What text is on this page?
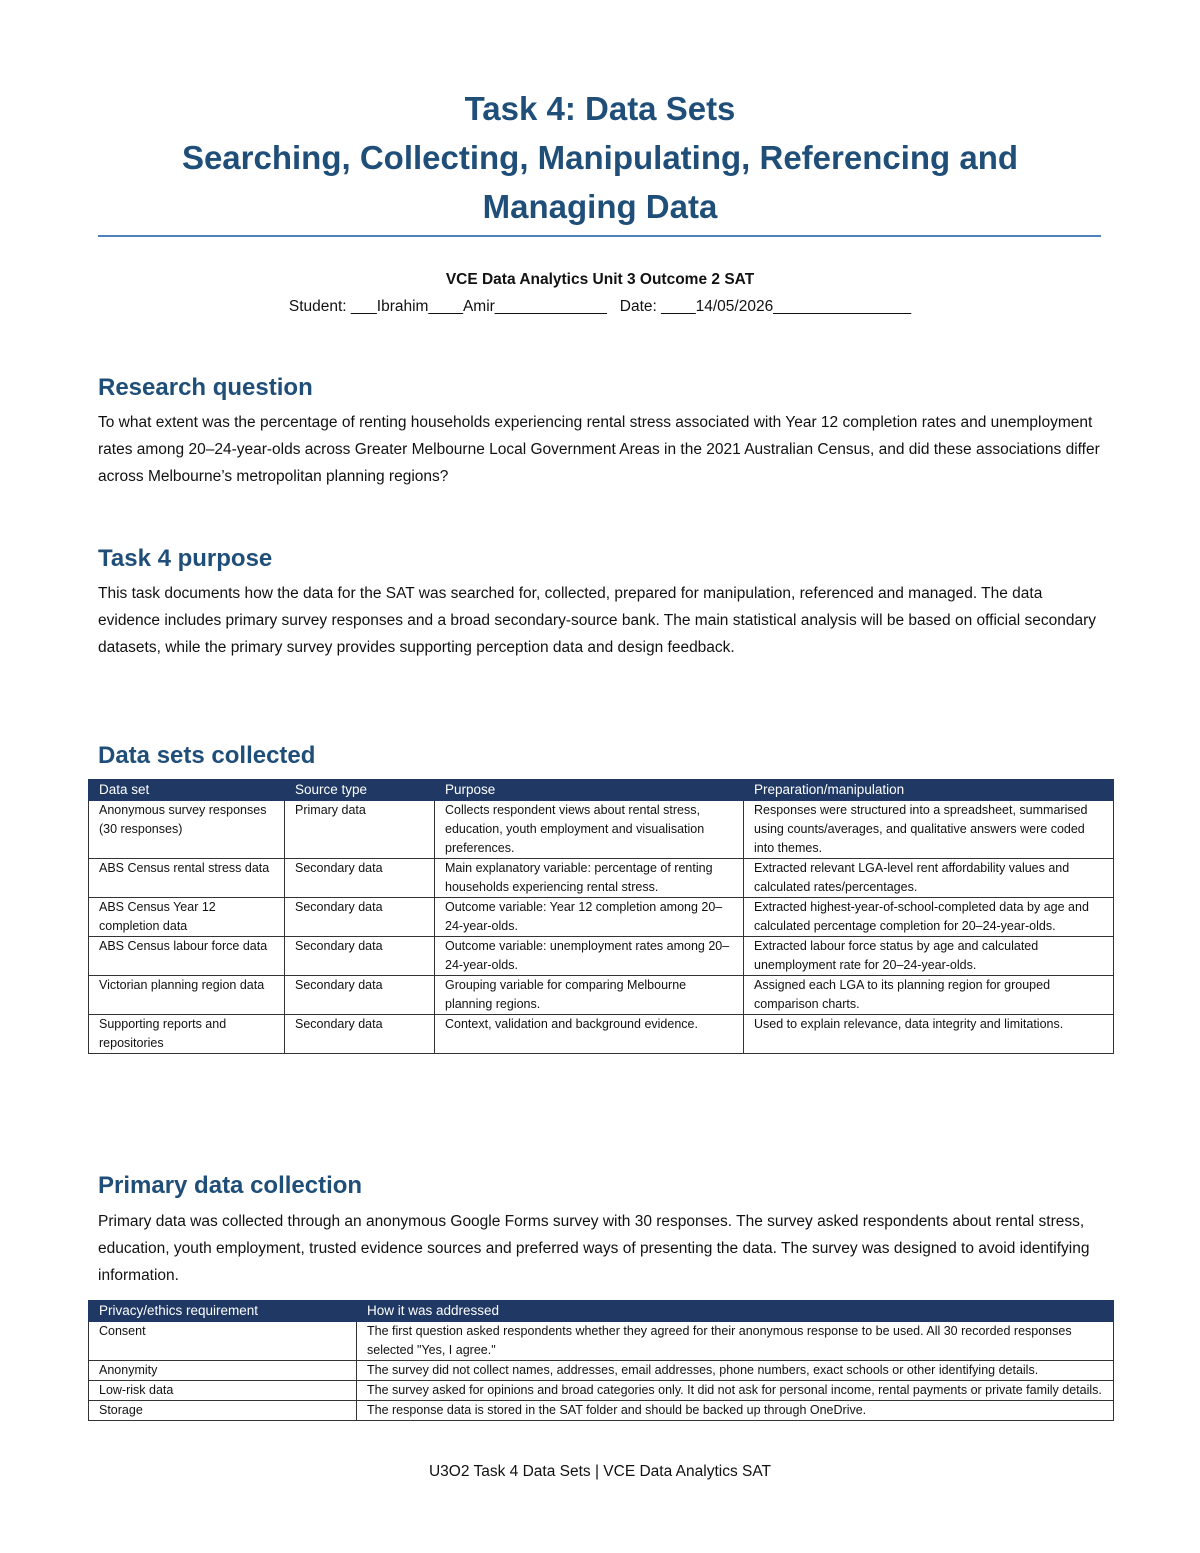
Task 4: Data Sets
Searching, Collecting, Manipulating, Referencing and
Managing Data
VCE Data Analytics Unit 3 Outcome 2 SAT
Student: ___Ibrahim____Amir_____________   Date: ____14/05/2026________________
Research question

To what extent was the percentage of renting households experiencing rental stress associated with Year 12 completion rates and unemployment rates among 20–24-year-olds across Greater Melbourne Local Government Areas in the 2021 Australian Census, and did these associations differ across Melbourne’s metropolitan planning regions?

Task 4 purpose

This task documents how the data for the SAT was searched for, collected, prepared for manipulation, referenced and managed. The data evidence includes primary survey responses and a broad secondary-source bank. The main statistical analysis will be based on official secondary datasets, while the primary survey provides supporting perception data and design feedback.

Data sets collected
Data set	Source type	Purpose	Preparation/manipulation
Anonymous survey responses (30 responses)	Primary data	Collects respondent views about rental stress, education, youth employment and visualisation preferences.	Responses were structured into a spreadsheet, summarised using counts/averages, and qualitative answers were coded into themes.
ABS Census rental stress data	Secondary data	Main explanatory variable: percentage of renting households experiencing rental stress.	Extracted relevant LGA-level rent affordability values and calculated rates/percentages.
ABS Census Year 12 completion data	Secondary data	Outcome variable: Year 12 completion among 20–24-year-olds.	Extracted highest-year-of-school-completed data by age and calculated percentage completion for 20–24-year-olds.
ABS Census labour force data	Secondary data	Outcome variable: unemployment rates among 20–24-year-olds.	Extracted labour force status by age and calculated unemployment rate for 20–24-year-olds.
Victorian planning region data	Secondary data	Grouping variable for comparing Melbourne planning regions.	Assigned each LGA to its planning region for grouped comparison charts.
Supporting reports and repositories	Secondary data	Context, validation and background evidence.	Used to explain relevance, data integrity and limitations.
Primary data collection

Primary data was collected through an anonymous Google Forms survey with 30 responses. The survey asked respondents about rental stress, education, youth employment, trusted evidence sources and preferred ways of presenting the data. The survey was designed to avoid identifying information.

Privacy/ethics requirement	How it was addressed
Consent	The first question asked respondents whether they agreed for their anonymous response to be used. All 30 recorded responses selected "Yes, I agree."
Anonymity	The survey did not collect names, addresses, email addresses, phone numbers, exact schools or other identifying details.
Low-risk data	The survey asked for opinions and broad categories only. It did not ask for personal income, rental payments or private family details.
Storage	The response data is stored in the SAT folder and should be backed up through OneDrive.
U3O2 Task 4 Data Sets | VCE Data Analytics SAT
